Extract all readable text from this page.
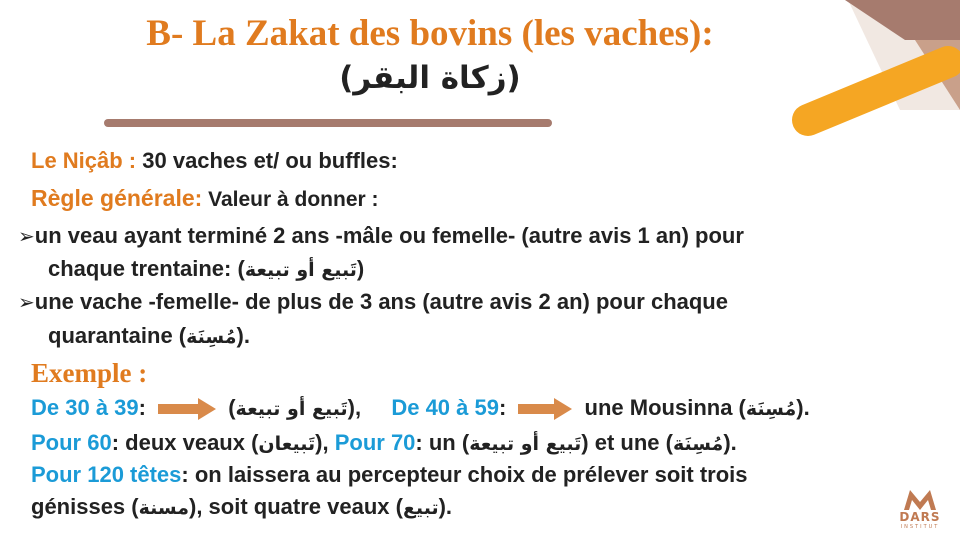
B- La Zakat des bovins (les vaches):
(زكاة البقر)
Le Niçâb : 30 vaches et/ ou buffles:
Règle générale: Valeur à donner :
➢un veau ayant terminé 2 ans -mâle ou femelle- (autre avis 1 an) pour
chaque trentaine: (تَبيع أو تبيعة)
➢une vache -femelle- de plus de 3 ans (autre avis 2 an) pour chaque
quarantaine (مُسِنَة).
Exemple :
De 30 à 39:	(تَبيع أو تبيعة), De 40 à 59:	une Mousinna (مُسِنَة).
Pour 60: deux veaux (تَبيعان), Pour 70: un (تَبيع أو تبيعة) et une (مُسِنَة).
Pour 120 têtes: on laissera au percepteur choix de prélever soit trois
génisses (مسنة), soit quatre veaux (تبيع).	DARS
INSTITUT
